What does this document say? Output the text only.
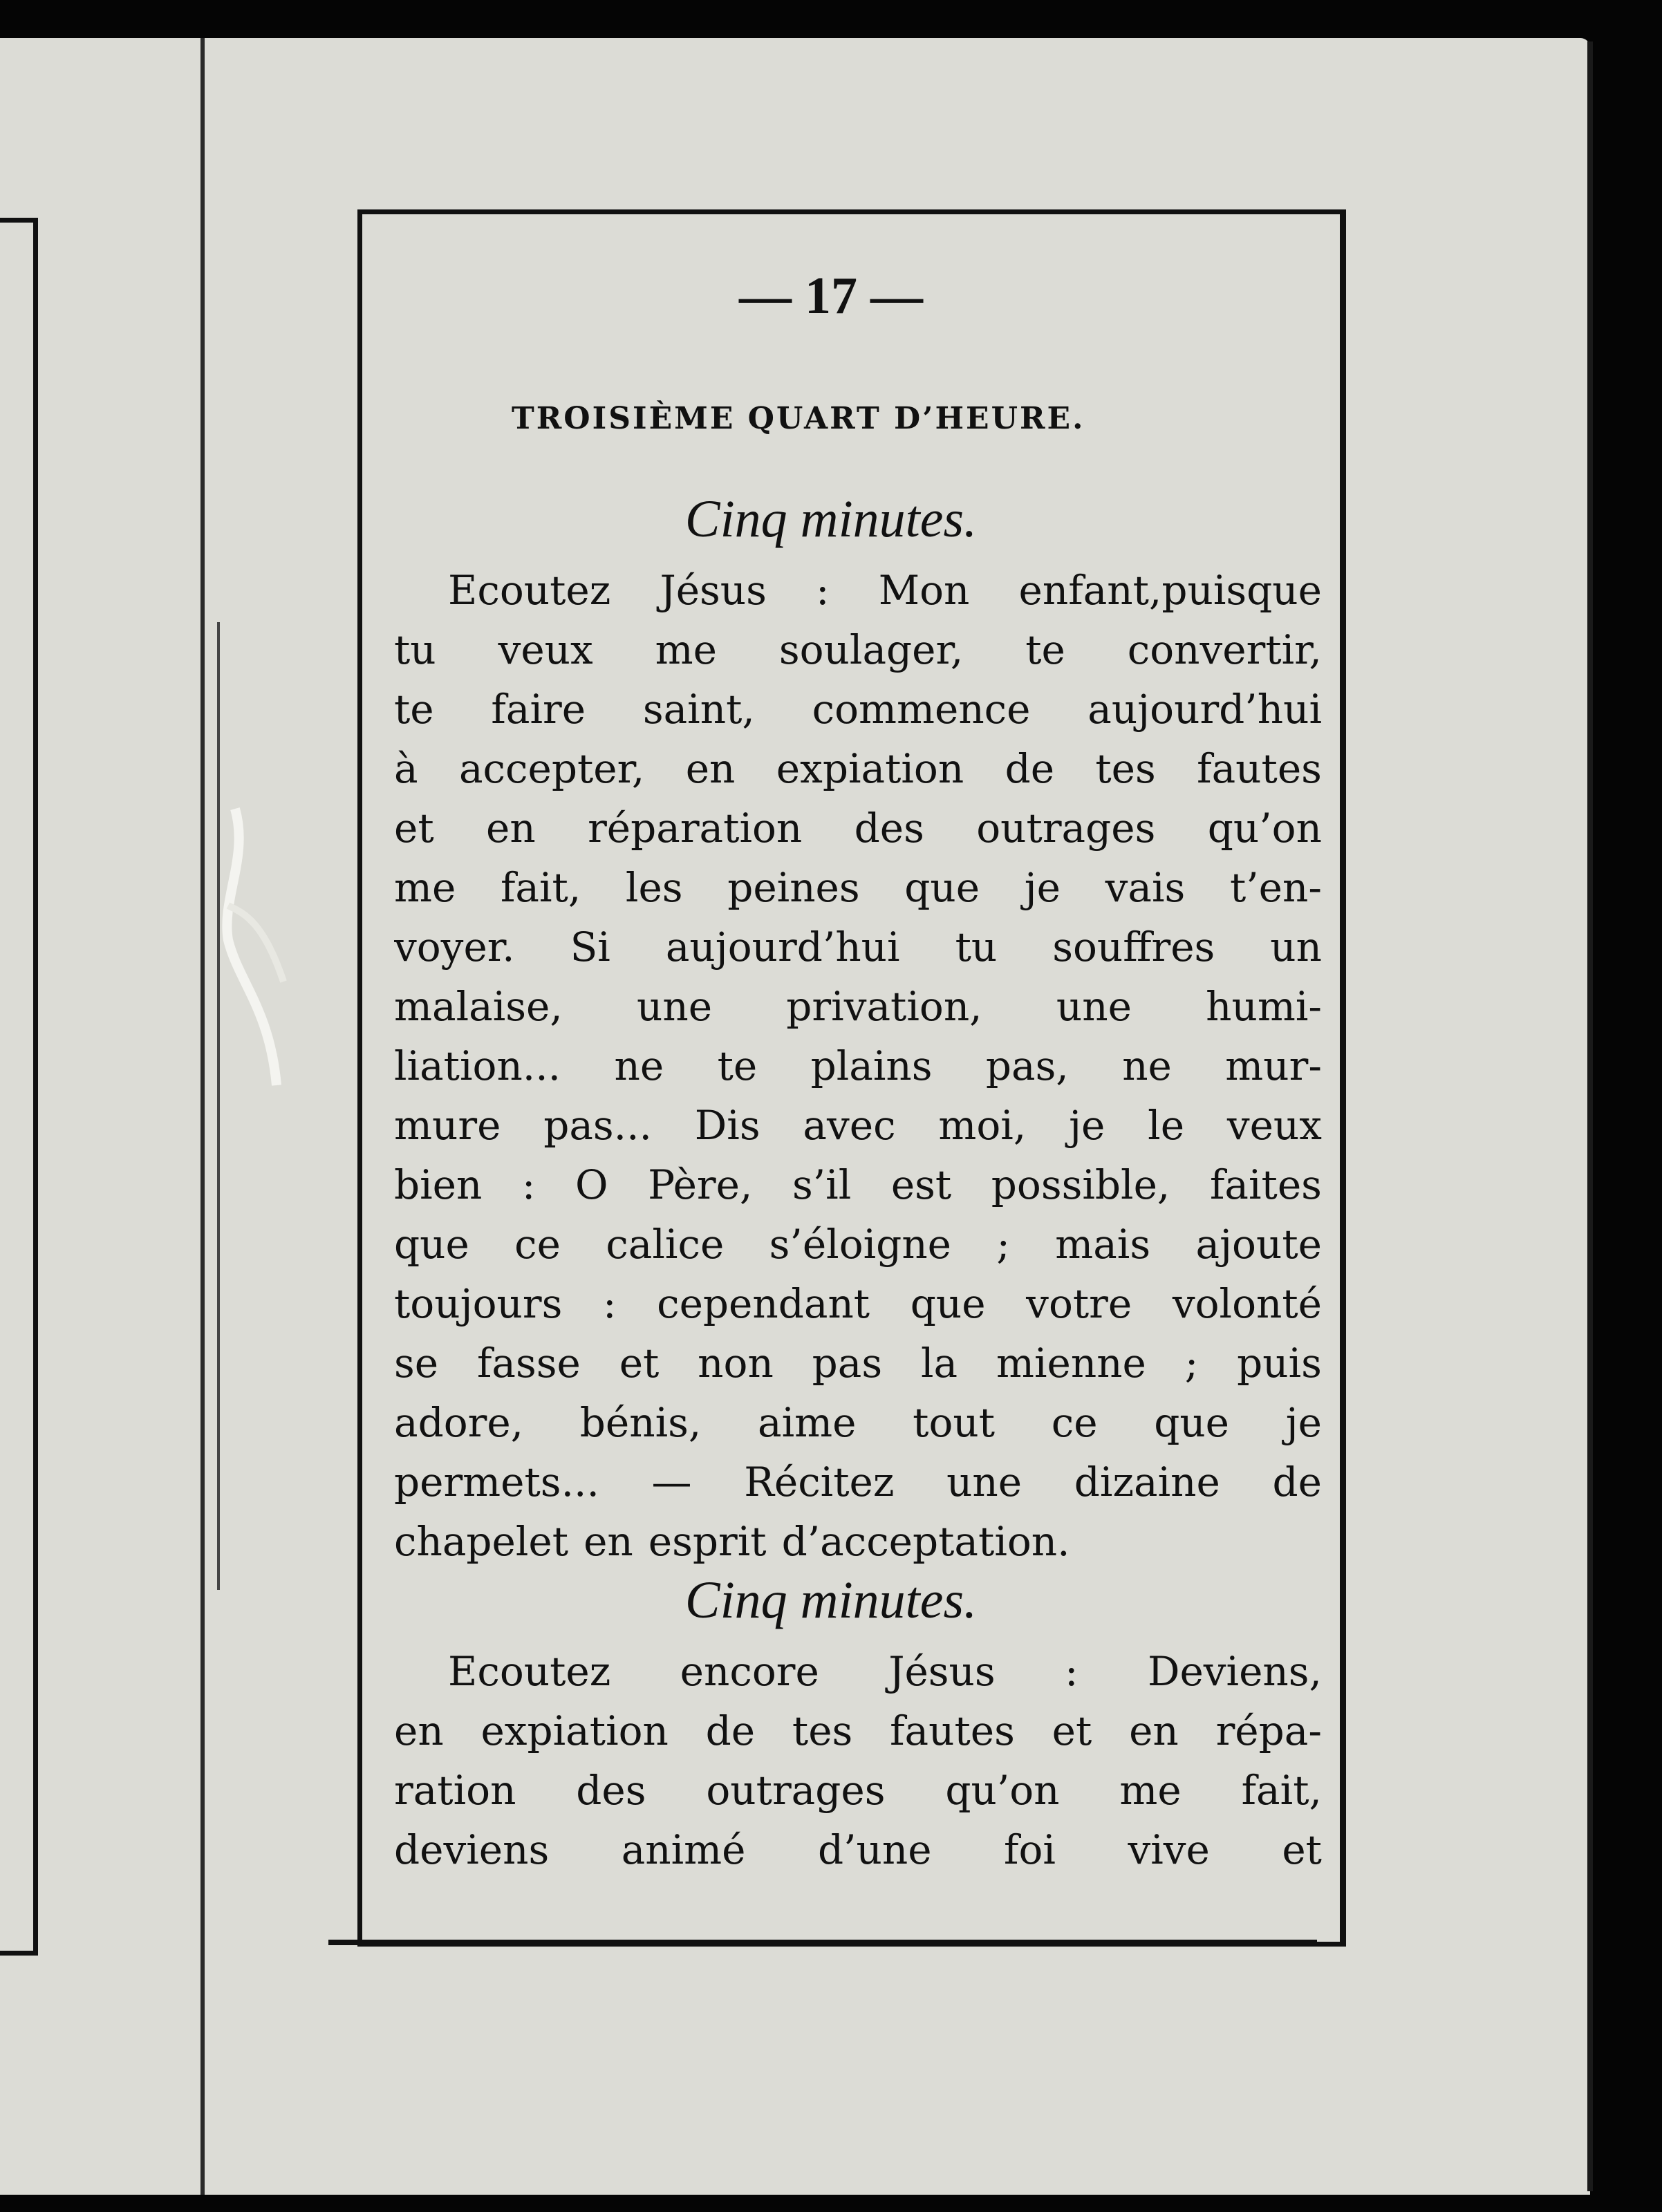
— 17 —
TROISIÈME QUART D’HEURE.
Cinq minutes.
Ecoutez Jésus : Mon enfant,puisque
tu veux me soulager, te convertir,
te faire saint, commence aujourd’hui
à accepter, en expiation de tes fautes
et en réparation des outrages qu’on
me fait, les peines que je vais t’en-
voyer. Si aujourd’hui tu souffres un
malaise, une privation, une humi-
liation... ne te plains pas, ne mur-
mure pas... Dis avec moi, je le veux
bien : O Père, s’il est possible, faites
que ce calice s’éloigne ; mais ajoute
toujours : cependant que votre volonté
se fasse et non pas la mienne ; puis
adore, bénis, aime tout ce que je
permets... — Récitez une dizaine de
chapelet en esprit d’acceptation.
Cinq minutes.
Ecoutez encore Jésus : Deviens,
en expiation de tes fautes et en répa-
ration des outrages qu’on me fait,
deviens animé d’une foi vive et
